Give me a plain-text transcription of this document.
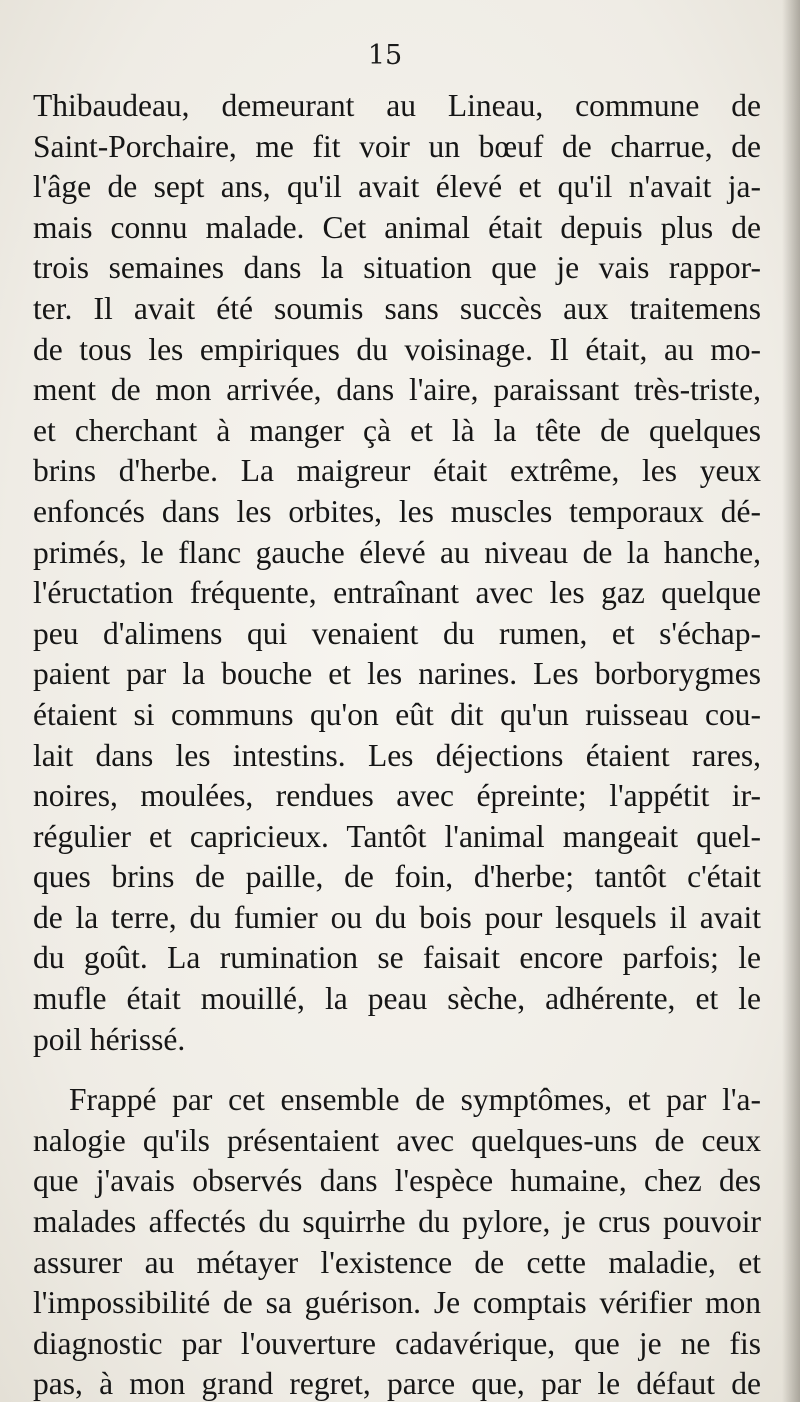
15
Thibaudeau, demeurant au Lineau, commune de
Saint-Porchaire, me fit voir un bœuf de charrue, de
l'âge de sept ans, qu'il avait élevé et qu'il n'avait ja-
mais connu malade. Cet animal était depuis plus de
trois semaines dans la situation que je vais rappor-
ter. Il avait été soumis sans succès aux traitemens
de tous les empiriques du voisinage. Il était, au mo-
ment de mon arrivée, dans l'aire, paraissant très-triste,
et cherchant à manger çà et là la tête de quelques
brins d'herbe. La maigreur était extrême, les yeux
enfoncés dans les orbites, les muscles temporaux dé-
primés, le flanc gauche élevé au niveau de la hanche,
l'éructation fréquente, entraînant avec les gaz quelque
peu d'alimens qui venaient du rumen, et s'échap-
paient par la bouche et les narines. Les borborygmes
étaient si communs qu'on eût dit qu'un ruisseau cou-
lait dans les intestins. Les déjections étaient rares,
noires, moulées, rendues avec épreinte; l'appétit ir-
régulier et capricieux. Tantôt l'animal mangeait quel-
ques brins de paille, de foin, d'herbe; tantôt c'était
de la terre, du fumier ou du bois pour lesquels il avait
du goût. La rumination se faisait encore parfois; le
mufle était mouillé, la peau sèche, adhérente, et le
poil hérissé.
Frappé par cet ensemble de symptômes, et par l'a-
nalogie qu'ils présentaient avec quelques-uns de ceux
que j'avais observés dans l'espèce humaine, chez des
malades affectés du squirrhe du pylore, je crus pouvoir
assurer au métayer l'existence de cette maladie, et
l'impossibilité de sa guérison. Je comptais vérifier mon
diagnostic par l'ouverture cadavérique, que je ne fis
pas, à mon grand regret, parce que, par le défaut de
